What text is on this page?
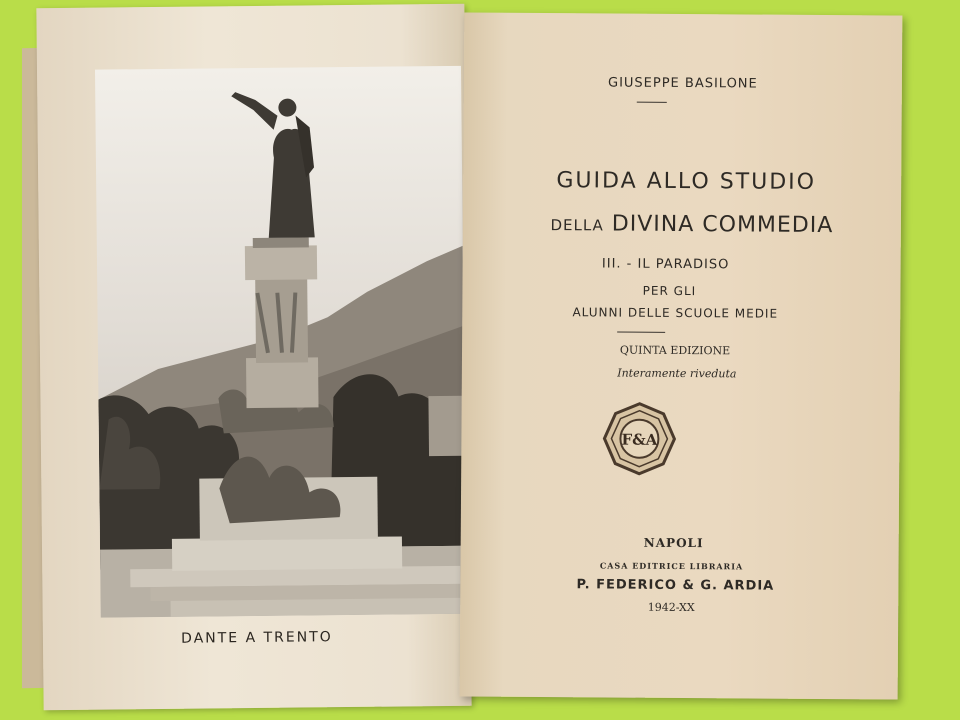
DANTE A TRENTO
GIUSEPPE BASILONE
GUIDA ALLO STUDIO
DELLA DIVINA COMMEDIA
III. - IL PARADISO
PER GLI
ALUNNI DELLE SCUOLE MEDIE
QUINTA EDIZIONE
Interamente riveduta
F&A
NAPOLI
CASA EDITRICE LIBRARIA
P. FEDERICO & G. ARDIA
1942-XX
